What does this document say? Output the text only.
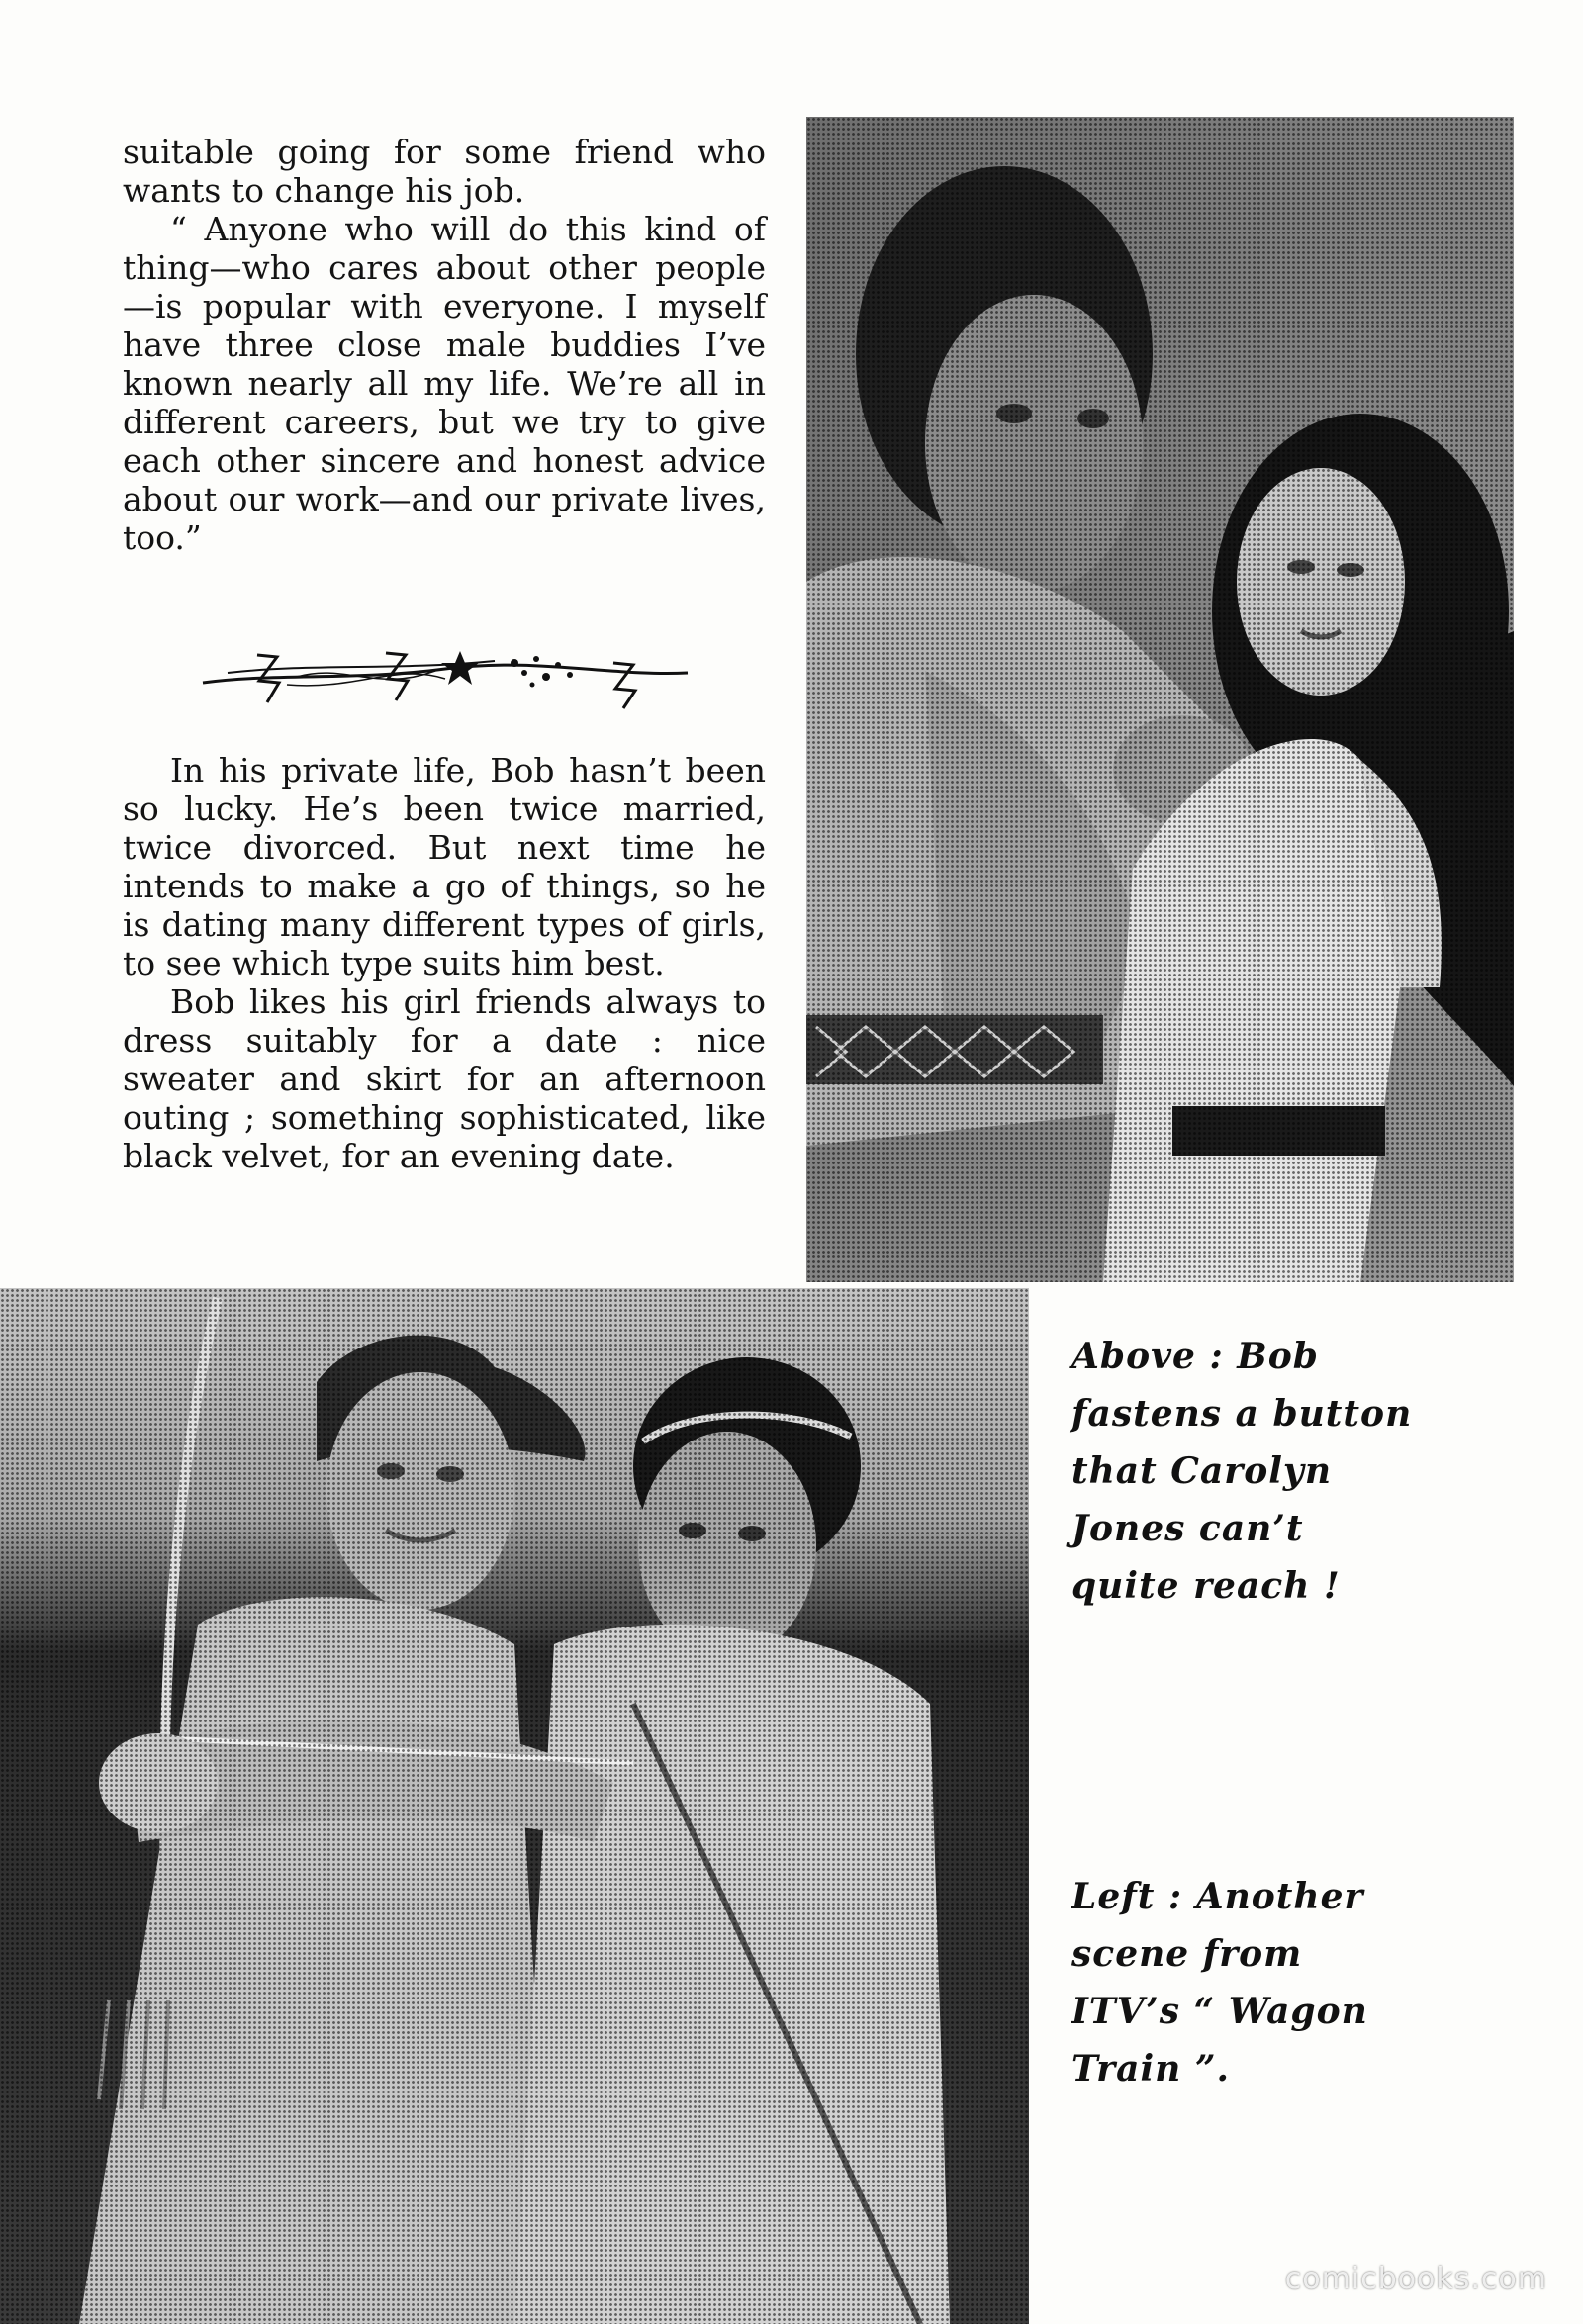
suitable going for some friend who wants to change his job.

“ Anyone who will do this kind of thing—who cares about other people—is popular with everyone. I myself have three close male buddies I’ve known nearly all my life. We’re all in different careers, but we try to give each other sincere and honest advice about our work—and our private lives, too.”

In his private life, Bob hasn’t been so lucky. He’s been twice married, twice divorced. But next time he intends to make a go of things, so he is dating many different types of girls, to see which type suits him best.

Bob likes his girl friends always to dress suitably for a date : nice sweater and skirt for an afternoon outing ; something sophisticated, like black velvet, for an evening date.

Above : Bob
fastens a button
that Carolyn
Jones can’t
quite reach !
Left : Another
scene from
ITV’s “ Wagon
Train ”.
comicbooks.com
